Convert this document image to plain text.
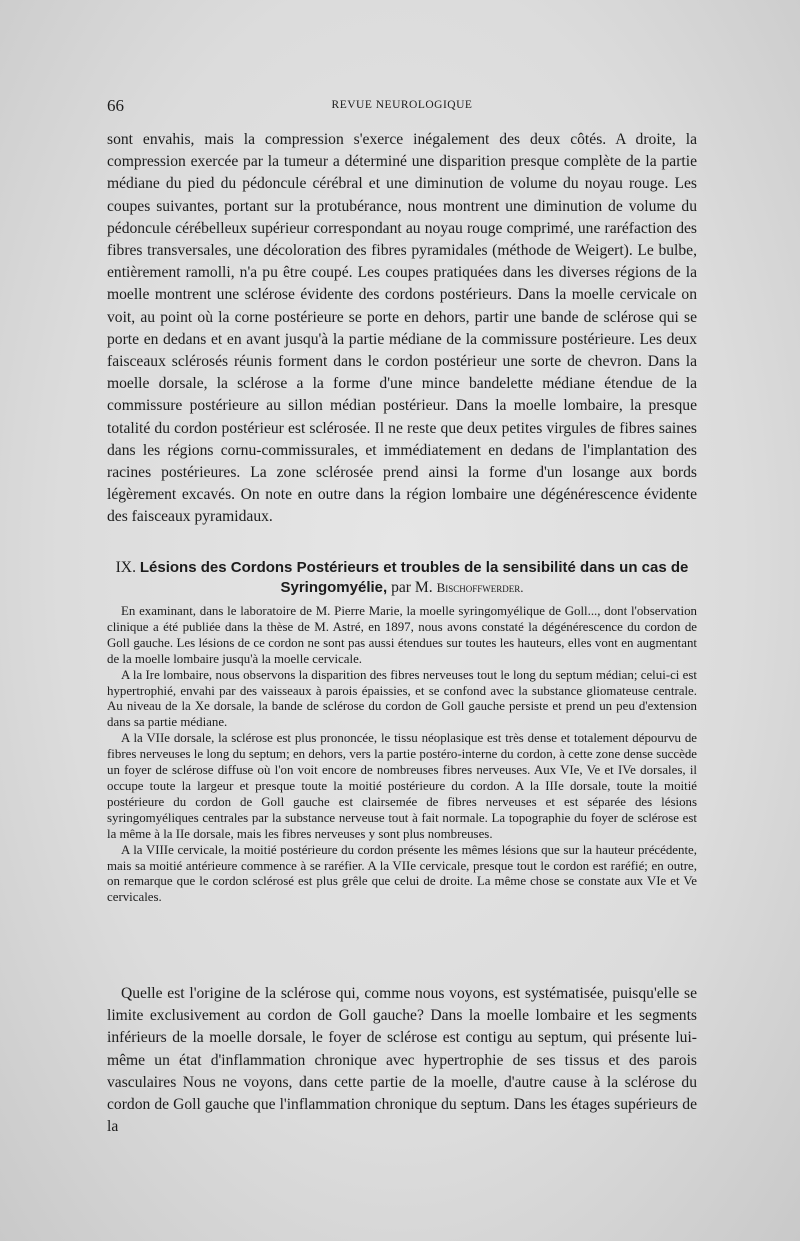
66	REVUE NEUROLOGIQUE

sont envahis, mais la compression s'exerce inégalement des deux côtés. A droite, la compression exercée par la tumeur a déterminé une disparition presque complète de la partie médiane du pied du pédoncule cérébral et une diminution de volume du noyau rouge. Les coupes suivantes, portant sur la protubérance, nous montrent une diminution de volume du pédoncule cérébelleux supérieur correspondant au noyau rouge comprimé, une raréfaction des fibres transversales, une décoloration des fibres pyramidales (méthode de Weigert). Le bulbe, entièrement ramolli, n'a pu être coupé. Les coupes pratiquées dans les diverses régions de la moelle montrent une sclérose évidente des cordons postérieurs. Dans la moelle cervicale on voit, au point où la corne postérieure se porte en dehors, partir une bande de sclérose qui se porte en dedans et en avant jusqu'à la partie médiane de la commissure postérieure. Les deux faisceaux sclérosés réunis forment dans le cordon postérieur une sorte de chevron. Dans la moelle dorsale, la sclérose a la forme d'une mince bandelette médiane étendue de la commissure postérieure au sillon médian postérieur. Dans la moelle lombaire, la presque totalité du cordon postérieur est sclérosée. Il ne reste que deux petites virgules de fibres saines dans les régions cornu-commissurales, et immédiatement en dedans de l'implantation des racines postérieures. La zone sclérosée prend ainsi la forme d'un losange aux bords légèrement excavés. On note en outre dans la région lombaire une dégénérescence évidente des faisceaux pyramidaux.

IX. Lésions des Cordons Postérieurs et troubles de la sensibilité dans un cas de Syringomyélie, par M. Bischoffwerder.

En examinant, dans le laboratoire de M. Pierre Marie, la moelle syringomyélique de Goll..., dont l'observation clinique a été publiée dans la thèse de M. Astré, en 1897, nous avons constaté la dégénérescence du cordon de Goll gauche. Les lésions de ce cordon ne sont pas aussi étendues sur toutes les hauteurs, elles vont en augmentant de la moelle lombaire jusqu'à la moelle cervicale.

A la Ire lombaire, nous observons la disparition des fibres nerveuses tout le long du septum médian; celui-ci est hypertrophié, envahi par des vaisseaux à parois épaissies, et se confond avec la substance gliomateuse centrale. Au niveau de la Xe dorsale, la bande de sclérose du cordon de Goll gauche persiste et prend un peu d'extension dans sa partie médiane.

A la VIIe dorsale, la sclérose est plus prononcée, le tissu néoplasique est très dense et totalement dépourvu de fibres nerveuses le long du septum; en dehors, vers la partie postéro-interne du cordon, à cette zone dense succède un foyer de sclérose diffuse où l'on voit encore de nombreuses fibres nerveuses. Aux VIe, Ve et IVe dorsales, il occupe toute la largeur et presque toute la moitié postérieure du cordon. A la IIIe dorsale, toute la moitié postérieure du cordon de Goll gauche est clairsemée de fibres nerveuses et est séparée des lésions syringomyéliques centrales par la substance nerveuse tout à fait normale. La topographie du foyer de sclérose est la même à la IIe dorsale, mais les fibres nerveuses y sont plus nombreuses.

A la VIIIe cervicale, la moitié postérieure du cordon présente les mêmes lésions que sur la hauteur précédente, mais sa moitié antérieure commence à se raréfier. A la VIIe cervicale, presque tout le cordon est raréfié; en outre, on remarque que le cordon sclérosé est plus grêle que celui de droite. La même chose se constate aux VIe et Ve cervicales.

Quelle est l'origine de la sclérose qui, comme nous voyons, est systématisée, puisqu'elle se limite exclusivement au cordon de Goll gauche? Dans la moelle lombaire et les segments inférieurs de la moelle dorsale, le foyer de sclérose est contigu au septum, qui présente lui-même un état d'inflammation chronique avec hypertrophie de ses tissus et des parois vasculaires Nous ne voyons, dans cette partie de la moelle, d'autre cause à la sclérose du cordon de Goll gauche que l'inflammation chronique du septum. Dans les étages supérieurs de la
